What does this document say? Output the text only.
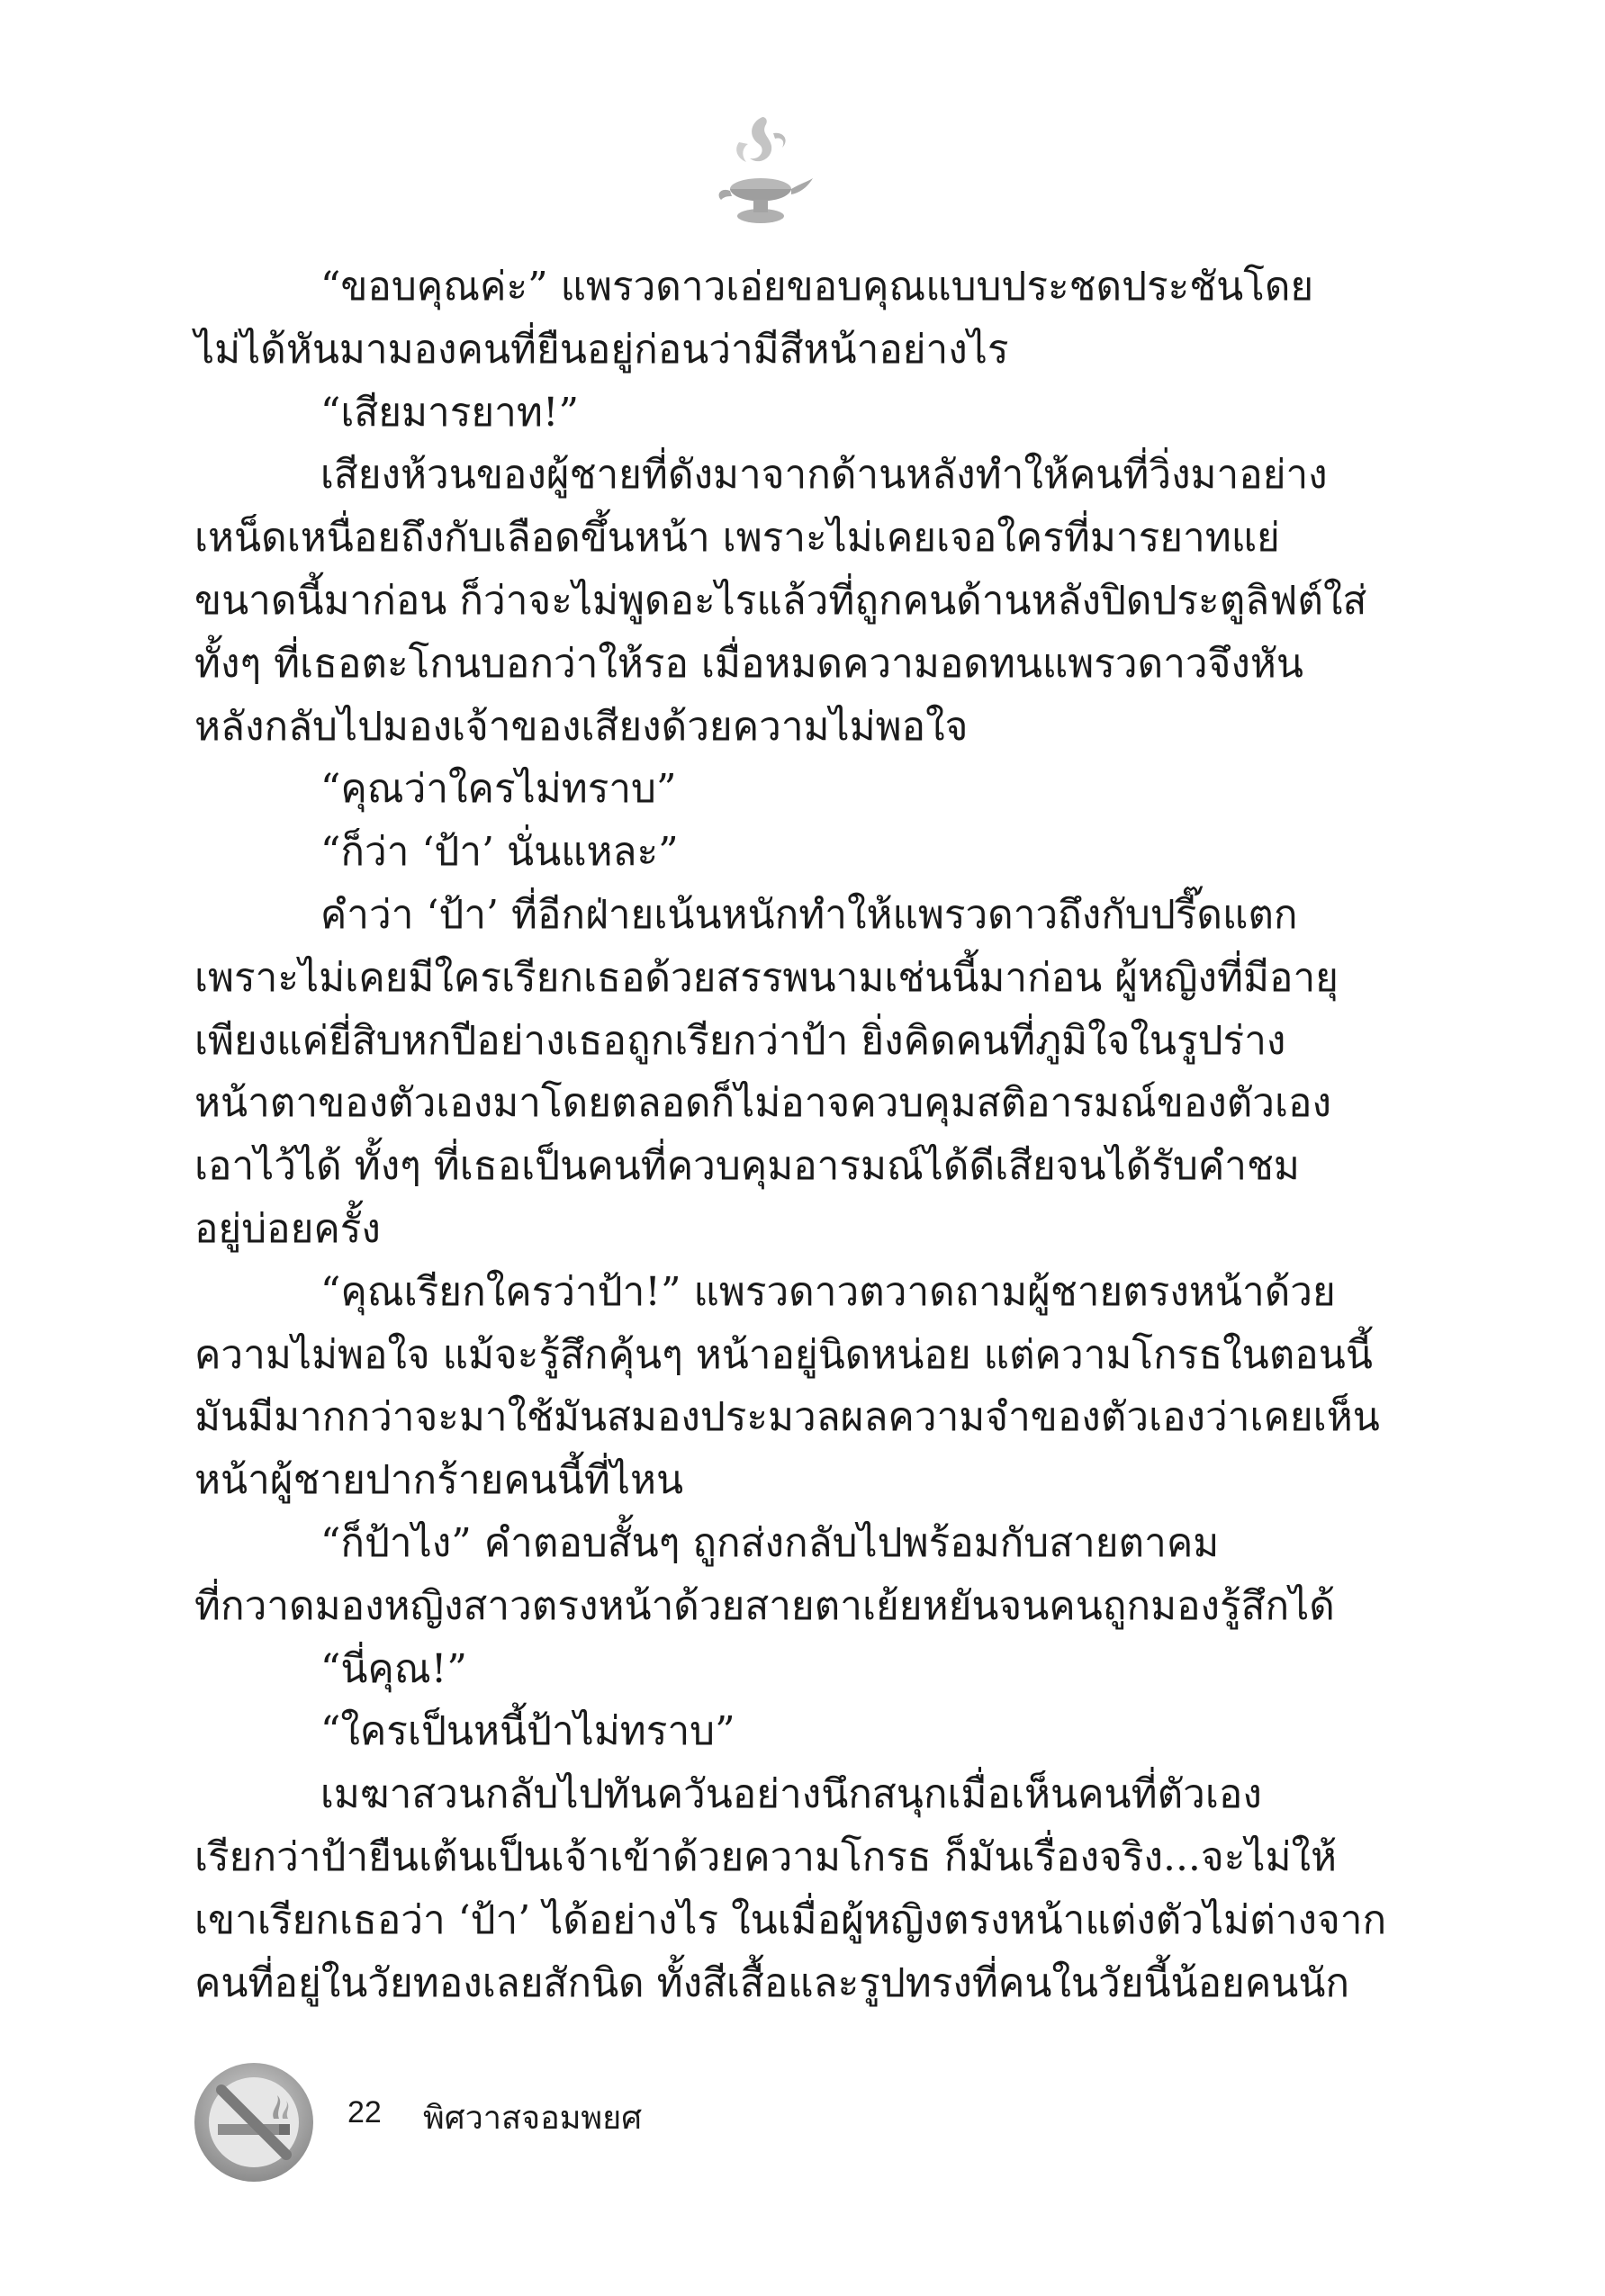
“ขอบคุณค่ะ” แพรวดาวเอ่ยขอบคุณแบบประชดประชันโดย

ไม่ได้หันมามองคนที่ยืนอยู่ก่อนว่ามีสีหน้าอย่างไร

“เสียมารยาท!”

เสียงห้วนของผู้ชายที่ดังมาจากด้านหลังทำให้คนที่วิ่งมาอย่าง

เหน็ดเหนื่อยถึงกับเลือดขึ้นหน้า เพราะไม่เคยเจอใครที่มารยาทแย่

ขนาดนี้มาก่อน ก็ว่าจะไม่พูดอะไรแล้วที่ถูกคนด้านหลังปิดประตูลิฟต์ใส่

ทั้งๆ ที่เธอตะโกนบอกว่าให้รอ เมื่อหมดความอดทนแพรวดาวจึงหัน

หลังกลับไปมองเจ้าของเสียงด้วยความไม่พอใจ

“คุณว่าใครไม่ทราบ”

“ก็ว่า ‘ป้า’ นั่นแหละ”

คำว่า ‘ป้า’ ที่อีกฝ่ายเน้นหนักทำให้แพรวดาวถึงกับปรี๊ดแตก

เพราะไม่เคยมีใครเรียกเธอด้วยสรรพนามเช่นนี้มาก่อน ผู้หญิงที่มีอายุ

เพียงแค่ยี่สิบหกปีอย่างเธอถูกเรียกว่าป้า ยิ่งคิดคนที่ภูมิใจในรูปร่าง

หน้าตาของตัวเองมาโดยตลอดก็ไม่อาจควบคุมสติอารมณ์ของตัวเอง

เอาไว้ได้ ทั้งๆ ที่เธอเป็นคนที่ควบคุมอารมณ์ได้ดีเสียจนได้รับคำชม

อยู่บ่อยครั้ง

“คุณเรียกใครว่าป้า!” แพรวดาวตวาดถามผู้ชายตรงหน้าด้วย

ความไม่พอใจ แม้จะรู้สึกคุ้นๆ หน้าอยู่นิดหน่อย แต่ความโกรธในตอนนี้

มันมีมากกว่าจะมาใช้มันสมองประมวลผลความจำของตัวเองว่าเคยเห็น

หน้าผู้ชายปากร้ายคนนี้ที่ไหน

“ก็ป้าไง” คำตอบสั้นๆ ถูกส่งกลับไปพร้อมกับสายตาคม

ที่กวาดมองหญิงสาวตรงหน้าด้วยสายตาเย้ยหยันจนคนถูกมองรู้สึกได้

“นี่คุณ!”

“ใครเป็นหนี้ป้าไม่ทราบ”

เมฆาสวนกลับไปทันควันอย่างนึกสนุกเมื่อเห็นคนที่ตัวเอง

เรียกว่าป้ายืนเต้นเป็นเจ้าเข้าด้วยความโกรธ ก็มันเรื่องจริง...จะไม่ให้

เขาเรียกเธอว่า ‘ป้า’ ได้อย่างไร ในเมื่อผู้หญิงตรงหน้าแต่งตัวไม่ต่างจาก

คนที่อยู่ในวัยทองเลยสักนิด ทั้งสีเสื้อและรูปทรงที่คนในวัยนี้น้อยคนนัก

22 พิศวาสจอมพยศ
